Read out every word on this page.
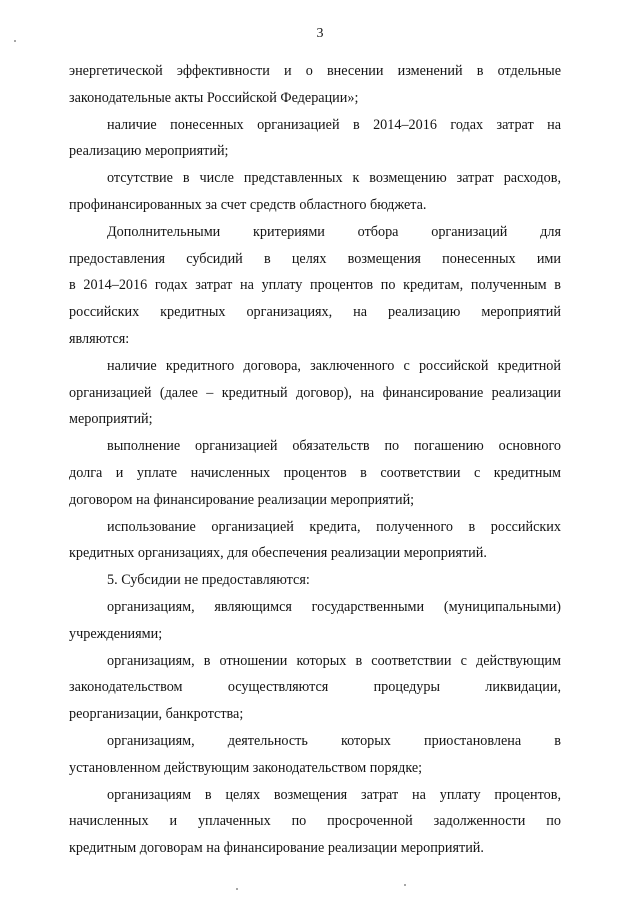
3
энергетической эффективности и о внесении изменений в отдельные
законодательные акты Российской Федерации»;
наличие понесенных организацией в 2014–2016 годах затрат на
реализацию мероприятий;
отсутствие в числе представленных к возмещению затрат расходов,
профинансированных за счет средств областного бюджета.
Дополнительными критериями отбора организаций для
предоставления субсидий в целях возмещения понесенных ими
в 2014–2016 годах затрат на уплату процентов по кредитам, полученным в
российских кредитных организациях, на реализацию мероприятий
являются:
наличие кредитного договора, заключенного с российской кредитной
организацией (далее – кредитный договор), на финансирование реализации
мероприятий;
выполнение организацией обязательств по погашению основного
долга и уплате начисленных процентов в соответствии с кредитным
договором на финансирование реализации мероприятий;
использование организацией кредита, полученного в российских
кредитных организациях, для обеспечения реализации мероприятий.
5. Субсидии не предоставляются:
организациям, являющимся государственными (муниципальными)
учреждениями;
организациям, в отношении которых в соответствии с действующим
законодательством осуществляются процедуры ликвидации,
реорганизации, банкротства;
организациям, деятельность которых приостановлена в
установленном действующим законодательством порядке;
организациям в целях возмещения затрат на уплату процентов,
начисленных и уплаченных по просроченной задолженности по
кредитным договорам на финансирование реализации мероприятий.
